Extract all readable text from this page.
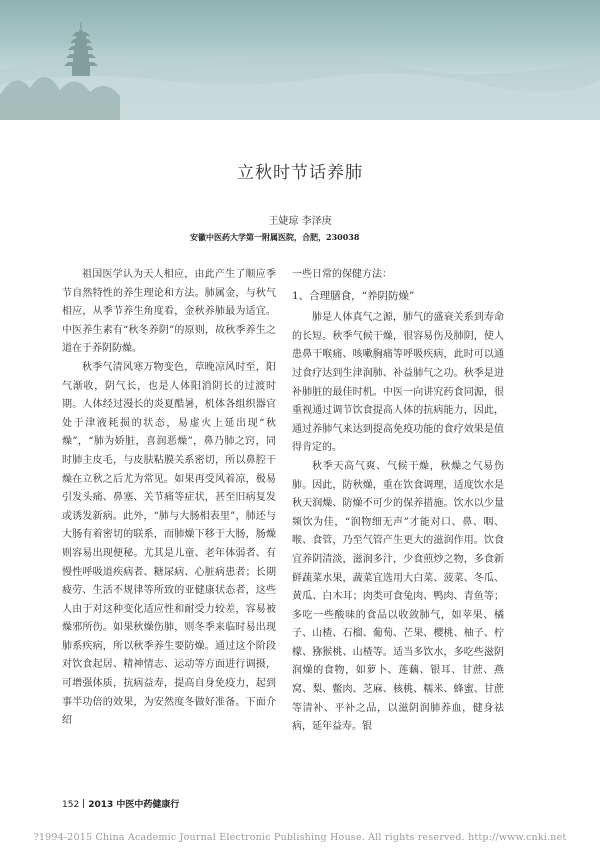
立秋时节话养肺
王婕琼 李泽庚
安徽中医药大学第一附属医院，合肥，230038

祖国医学认为天人相应，由此产生了顺应季节自然特性的养生理论和方法。肺属金，与秋气相应，从季节养生角度看，金秋养肺最为适宜。中医养生素有“秋冬养阴”的原则，故秋季养生之道在于养阴防燥。

秋季气清风寒万物变色，草晚凉风时至，阳气渐收，阴气长，也是人体阳消阴长的过渡时期。人体经过漫长的炎夏酷暑，机体各组织器官处于津液耗损的状态，易虚火上延出现“秋燥”，“肺为娇脏，喜润恶燥”，鼻乃肺之窍，同时肺主皮毛，与皮肤粘膜关系密切，所以鼻腔干燥在立秋之后尤为常见。如果再受风着凉，极易引发头痛、鼻塞、关节痛等症状，甚至旧病复发或诱发新病。此外，“肺与大肠相表里”，肺还与大肠有着密切的联系，而肺燥下移于大肠，肠燥则容易出现便秘。尤其是儿童、老年体弱者、有慢性呼吸道疾病者、糖尿病、心脏病患者；长期疲劳、生活不规律等所致的亚健康状态者，这些人由于对这种变化适应性和耐受力较差，容易被燥邪所伤。如果秋燥伤肺，则冬季来临时易出现肺系疾病，所以秋季养生要防燥。通过这个阶段对饮食起居、精神情志、运动等方面进行调摄，可增强体质，抗病益寿，提高自身免疫力，起到事半功倍的效果，为安然度冬做好准备。下面介绍

一些日常的保健方法：

1、合理膳食，“养阴防燥”

肺是人体真气之源，肺气的盛衰关系到寿命的长短。秋季气候干燥，很容易伤及肺阴，使人患鼻干喉痛、咳嗽胸痛等呼吸疾病，此时可以通过食疗达到生津润肺、补益肺气之功。秋季是进补肺脏的最佳时机。中医一向讲究药食同源，很重视通过调节饮食提高人体的抗病能力，因此，通过养肺气来达到提高免疫功能的食疗效果是值得肯定的。

秋季天高气爽、气候干燥，秋燥之气易伤肺。因此，防秋燥，重在饮食调理，适度饮水是秋天润燥、防燥不可少的保养措施。饮水以少量频饮为佳，“润物细无声”才能对口、鼻、咽、喉、食管，乃至气管产生更大的滋润作用。饮食宜养阴清淡，滋润多汁，少食煎炒之物，多食新鲜蔬菜水果，蔬菜宜选用大白菜、菠菜、冬瓜、黄瓜、白木耳；肉类可食兔肉、鸭肉、青鱼等；多吃一些酸味的食品以收敛肺气，如苹果、橘子、山楂、石榴、葡萄、芒果、樱桃、柚子、柠檬、猕猴桃、山楂等。适当多饮水，多吃些滋阴润燥的食物，如萝卜、莲藕、银耳、甘蔗、燕窝、梨、鳖肉、芝麻、核桃、糯米、蜂蜜、甘蔗等清补、平补之品，以滋阴润肺养血，健身祛病，延年益寿。银

152 2013 中医中药健康行
?1994-2015 China Academic Journal Electronic Publishing House. All rights reserved. http://www.cnki.net
